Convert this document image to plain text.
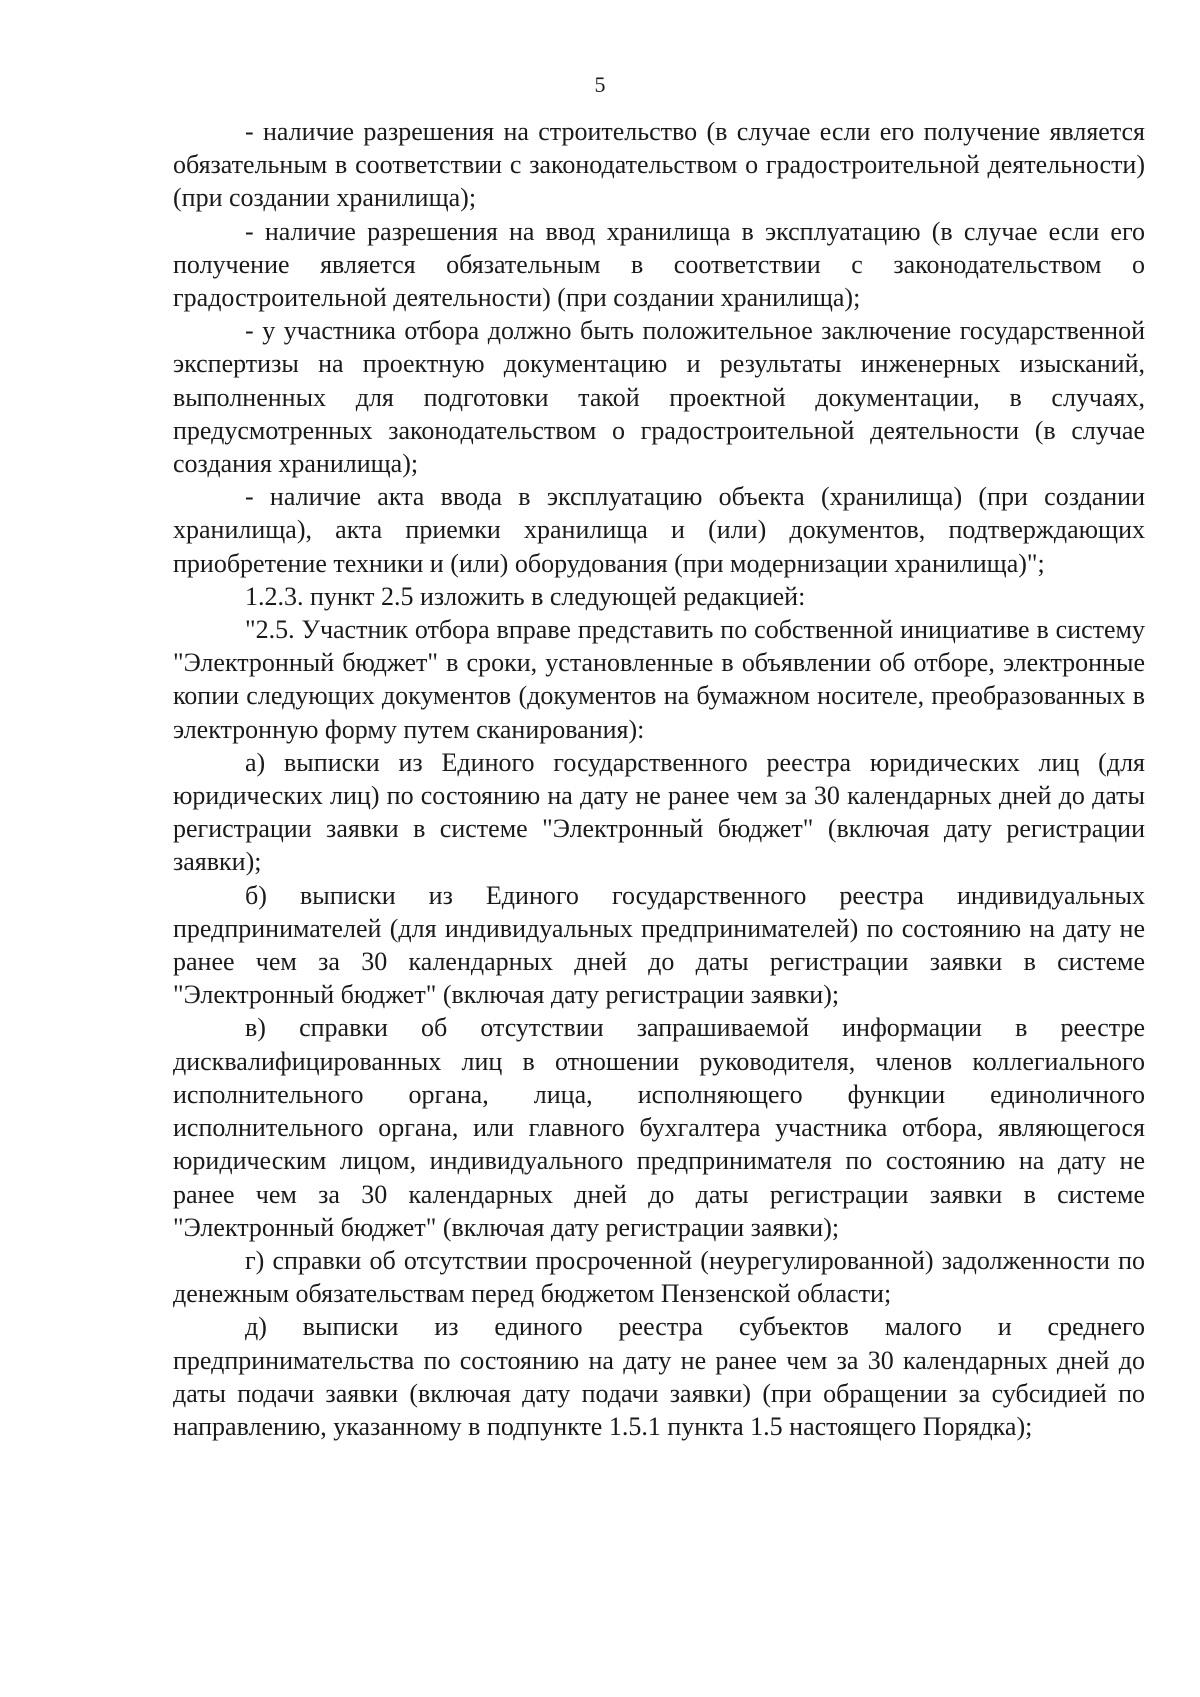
5

- наличие разрешения на строительство (в случае если его получение является обязательным в соответствии с законодательством о градостроительной деятельности) (при создании хранилища);

- наличие разрешения на ввод хранилища в эксплуатацию (в случае если его получение является обязательным в соответствии с законодательством о градостроительной деятельности) (при создании хранилища);

- у участника отбора должно быть положительное заключение государственной экспертизы на проектную документацию и результаты инженерных изысканий, выполненных для подготовки такой проектной документации, в случаях, предусмотренных законодательством о градостроительной деятельности (в случае создания хранилища);

- наличие акта ввода в эксплуатацию объекта (хранилища) (при создании хранилища), акта приемки хранилища и (или) документов, подтверждающих приобретение техники и (или) оборудования (при модернизации хранилища)";

1.2.3. пункт 2.5 изложить в следующей редакцией:

"2.5. Участник отбора вправе представить по собственной инициативе в систему "Электронный бюджет" в сроки, установленные в объявлении об отборе, электронные копии следующих документов (документов на бумажном носителе, преобразованных в электронную форму путем сканирования):

а) выписки из Единого государственного реестра юридических лиц (для юридических лиц) по состоянию на дату не ранее чем за 30 календарных дней до даты регистрации заявки в системе "Электронный бюджет" (включая дату регистрации заявки);

б) выписки из Единого государственного реестра индивидуальных предпринимателей (для индивидуальных предпринимателей) по состоянию на дату не ранее чем за 30 календарных дней до даты регистрации заявки в системе "Электронный бюджет" (включая дату регистрации заявки);

в) справки об отсутствии запрашиваемой информации в реестре дисквалифицированных лиц в отношении руководителя, членов коллегиального исполнительного органа, лица, исполняющего функции единоличного исполнительного органа, или главного бухгалтера участника отбора, являющегося юридическим лицом, индивидуального предпринимателя по состоянию на дату не ранее чем за 30 календарных дней до даты регистрации заявки в системе "Электронный бюджет" (включая дату регистрации заявки);

г) справки об отсутствии просроченной (неурегулированной) задолженности по денежным обязательствам перед бюджетом Пензенской области;

д) выписки из единого реестра субъектов малого и среднего предпринимательства по состоянию на дату не ранее чем за 30 календарных дней до даты подачи заявки (включая дату подачи заявки) (при обращении за субсидией по направлению, указанному в подпункте 1.5.1 пункта 1.5 настоящего Порядка);
